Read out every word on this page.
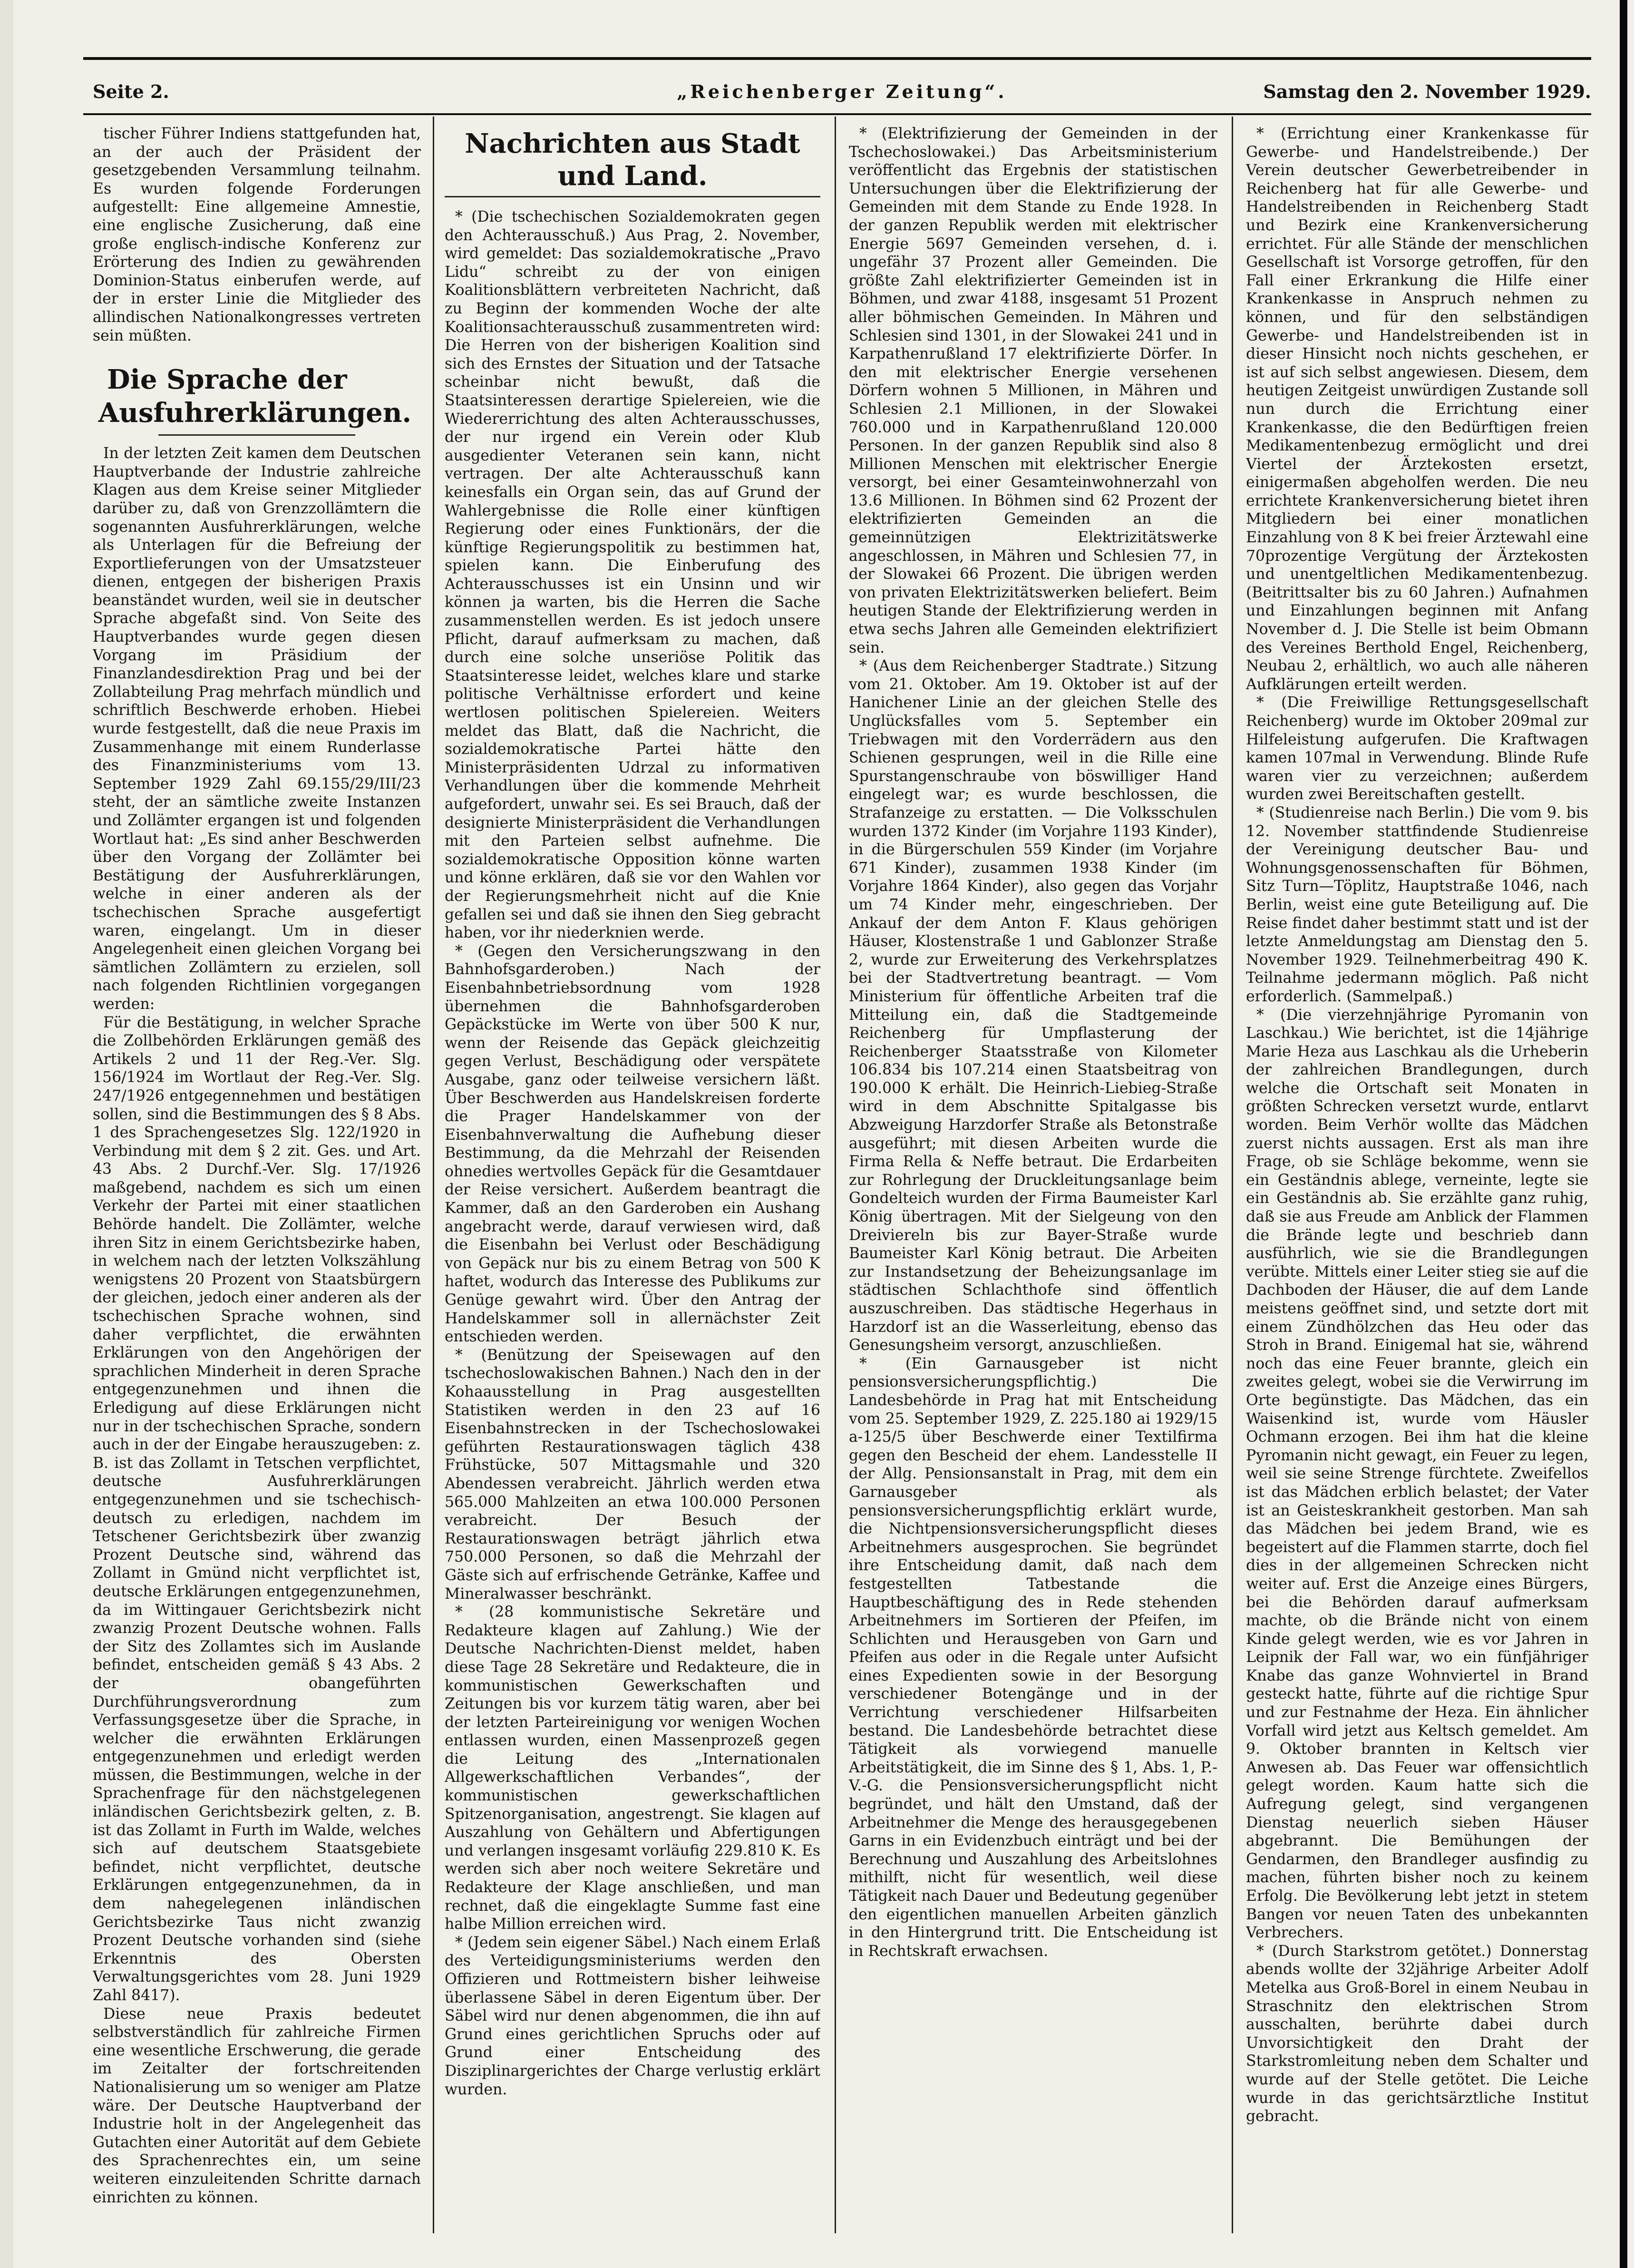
Seite 2.	„Reichenberger Zeitung“.	Samstag den 2. November 1929.

tischer Führer Indiens stattgefunden hat, an der auch der Präsident der gesetzgebenden Versammlung teilnahm. Es wurden folgende Forderungen aufgestellt: Eine allgemeine Amnestie, eine englische Zusicherung, daß eine große englisch-indische Konferenz zur Erörterung des Indien zu gewährenden Dominion-Status einberufen werde, auf der in erster Linie die Mitglieder des allindischen Nationalkongresses vertreten sein müßten.

Die Sprache der
Ausfuhrerklärungen.

In der letzten Zeit kamen dem Deutschen Hauptverbande der Industrie zahlreiche Klagen aus dem Kreise seiner Mitglieder darüber zu, daß von Grenzzollämtern die sogenannten Ausfuhrerklärungen, welche als Unterlagen für die Befreiung der Exportlieferungen von der Umsatzsteuer dienen, entgegen der bisherigen Praxis beanständet wurden, weil sie in deutscher Sprache abgefaßt sind. Von Seite des Hauptverbandes wurde gegen diesen Vorgang im Präsidium der Finanzlandesdirektion Prag und bei der Zollabteilung Prag mehrfach mündlich und schriftlich Beschwerde erhoben. Hiebei wurde festgestellt, daß die neue Praxis im Zusammenhange mit einem Runderlasse des Finanzministeriums vom 13. September 1929 Zahl 69.155/29/III/23 steht, der an sämtliche zweite Instanzen und Zollämter ergangen ist und folgenden Wortlaut hat: „Es sind anher Beschwerden über den Vorgang der Zollämter bei Bestätigung der Ausfuhrerklärungen, welche in einer anderen als der tschechischen Sprache ausgefertigt waren, eingelangt. Um in dieser Angelegenheit einen gleichen Vorgang bei sämtlichen Zollämtern zu erzielen, soll nach folgenden Richtlinien vorgegangen werden:

Für die Bestätigung, in welcher Sprache die Zollbehörden Erklärungen gemäß des Artikels 2 und 11 der Reg.-Ver. Slg. 156/1924 im Wortlaut der Reg.-Ver. Slg. 247/1926 entgegennehmen und bestätigen sollen, sind die Bestimmungen des § 8 Abs. 1 des Sprachengesetzes Slg. 122/1920 in Verbindung mit dem § 2 zit. Ges. und Art. 43 Abs. 2 Durchf.-Ver. Slg. 17/1926 maßgebend, nachdem es sich um einen Verkehr der Partei mit einer staatlichen Behörde handelt. Die Zollämter, welche ihren Sitz in einem Gerichtsbezirke haben, in welchem nach der letzten Volkszählung wenigstens 20 Prozent von Staatsbürgern der gleichen, jedoch einer anderen als der tschechischen Sprache wohnen, sind daher verpflichtet, die erwähnten Erklärungen von den Angehörigen der sprachlichen Minderheit in deren Sprache entgegenzunehmen und ihnen die Erledigung auf diese Erklärungen nicht nur in der tschechischen Sprache, sondern auch in der der Eingabe herauszugeben: z. B. ist das Zollamt in Tetschen verpflichtet, deutsche Ausfuhrerklärungen entgegenzunehmen und sie tschechisch-deutsch zu erledigen, nachdem im Tetschener Gerichtsbezirk über zwanzig Prozent Deutsche sind, während das Zollamt in Gmünd nicht verpflichtet ist, deutsche Erklärungen entgegenzunehmen, da im Wittingauer Gerichtsbezirk nicht zwanzig Prozent Deutsche wohnen. Falls der Sitz des Zollamtes sich im Auslande befindet, entscheiden gemäß § 43 Abs. 2 der obangeführten Durchführungsverordnung zum Verfassungsgesetze über die Sprache, in welcher die erwähnten Erklärungen entgegenzunehmen und erledigt werden müssen, die Bestimmungen, welche in der Sprachenfrage für den nächstgelegenen inländischen Gerichtsbezirk gelten, z. B. ist das Zollamt in Furth im Walde, welches sich auf deutschem Staatsgebiete befindet, nicht verpflichtet, deutsche Erklärungen entgegenzunehmen, da in dem nahegelegenen inländischen Gerichtsbezirke Taus nicht zwanzig Prozent Deutsche vorhanden sind (siehe Erkenntnis des Obersten Verwaltungsgerichtes vom 28. Juni 1929 Zahl 8417).

Diese neue Praxis bedeutet selbstverständlich für zahlreiche Firmen eine wesentliche Erschwerung, die gerade im Zeitalter der fortschreitenden Nationalisierung um so weniger am Platze wäre. Der Deutsche Hauptverband der Industrie holt in der Angelegenheit das Gutachten einer Autorität auf dem Gebiete des Sprachenrechtes ein, um seine weiteren einzuleitenden Schritte darnach einrichten zu können.

Nachrichten aus Stadt und Land.

* (Die tschechischen Sozialdemokraten gegen den Achterausschuß.) Aus Prag, 2. November, wird gemeldet: Das sozialdemokratische „Pravo Lidu“ schreibt zu der von einigen Koalitionsblättern verbreiteten Nachricht, daß zu Beginn der kommenden Woche der alte Koalitionsachterausschuß zusammentreten wird: Die Herren von der bisherigen Koalition sind sich des Ernstes der Situation und der Tatsache scheinbar nicht bewußt, daß die Staatsinteressen derartige Spielereien, wie die Wiedererrichtung des alten Achterausschusses, der nur irgend ein Verein oder Klub ausgedienter Veteranen sein kann, nicht vertragen. Der alte Achterausschuß kann keinesfalls ein Organ sein, das auf Grund der Wahlergebnisse die Rolle einer künftigen Regierung oder eines Funktionärs, der die künftige Regierungspolitik zu bestimmen hat, spielen kann. Die Einberufung des Achterausschusses ist ein Unsinn und wir können ja warten, bis die Herren die Sache zusammenstellen werden. Es ist jedoch unsere Pflicht, darauf aufmerksam zu machen, daß durch eine solche unseriöse Politik das Staatsinteresse leidet, welches klare und starke politische Verhältnisse erfordert und keine wertlosen politischen Spielereien. Weiters meldet das Blatt, daß die Nachricht, die sozialdemokratische Partei hätte den Ministerpräsidenten Udrzal zu informativen Verhandlungen über die kommende Mehrheit aufgefordert, unwahr sei. Es sei Brauch, daß der designierte Ministerpräsident die Verhandlungen mit den Parteien selbst aufnehme. Die sozialdemokratische Opposition könne warten und könne erklären, daß sie vor den Wahlen vor der Regierungsmehrheit nicht auf die Knie gefallen sei und daß sie ihnen den Sieg gebracht haben, vor ihr niederknien werde.

* (Gegen den Versicherungszwang in den Bahnhofsgarderoben.) Nach der Eisenbahnbetriebsordnung vom 1928 übernehmen die Bahnhofsgarderoben Gepäckstücke im Werte von über 500 K nur, wenn der Reisende das Gepäck gleichzeitig gegen Verlust, Beschädigung oder verspätete Ausgabe, ganz oder teilweise versichern läßt. Über Beschwerden aus Handelskreisen forderte die Prager Handelskammer von der Eisenbahnverwaltung die Aufhebung dieser Bestimmung, da die Mehrzahl der Reisenden ohnedies wertvolles Gepäck für die Gesamtdauer der Reise versichert. Außerdem beantragt die Kammer, daß an den Garderoben ein Aushang angebracht werde, darauf verwiesen wird, daß die Eisenbahn bei Verlust oder Beschädigung von Gepäck nur bis zu einem Betrag von 500 K haftet, wodurch das Interesse des Publikums zur Genüge gewahrt wird. Über den Antrag der Handelskammer soll in allernächster Zeit entschieden werden.

* (Benützung der Speisewagen auf den tschechoslowakischen Bahnen.) Nach den in der Kohaausstellung in Prag ausgestellten Statistiken werden in den 23 auf 16 Eisenbahnstrecken in der Tschechoslowakei geführten Restaurationswagen täglich 438 Frühstücke, 507 Mittagsmahle und 320 Abendessen verabreicht. Jährlich werden etwa 565.000 Mahlzeiten an etwa 100.000 Personen verabreicht. Der Besuch der Restaurationswagen beträgt jährlich etwa 750.000 Personen, so daß die Mehrzahl der Gäste sich auf erfrischende Getränke, Kaffee und Mineralwasser beschränkt.

* (28 kommunistische Sekretäre und Redakteure klagen auf Zahlung.) Wie der Deutsche Nachrichten-Dienst meldet, haben diese Tage 28 Sekretäre und Redakteure, die in kommunistischen Gewerkschaften und Zeitungen bis vor kurzem tätig waren, aber bei der letzten Parteireinigung vor wenigen Wochen entlassen wurden, einen Massenprozeß gegen die Leitung des „Internationalen Allgewerkschaftlichen Verbandes“, der kommunistischen gewerkschaftlichen Spitzenorganisation, angestrengt. Sie klagen auf Auszahlung von Gehältern und Abfertigungen und verlangen insgesamt vorläufig 229.810 K. Es werden sich aber noch weitere Sekretäre und Redakteure der Klage anschließen, und man rechnet, daß die eingeklagte Summe fast eine halbe Million erreichen wird.

* (Jedem sein eigener Säbel.) Nach einem Erlaß des Verteidigungsministeriums werden den Offizieren und Rottmeistern bisher leihweise überlassene Säbel in deren Eigentum über. Der Säbel wird nur denen abgenommen, die ihn auf Grund eines gerichtlichen Spruchs oder auf Grund einer Entscheidung des Disziplinargerichtes der Charge verlustig erklärt wurden.

* (Elektrifizierung der Gemeinden in der Tschechoslowakei.) Das Arbeitsministerium veröffentlicht das Ergebnis der statistischen Untersuchungen über die Elektrifizierung der Gemeinden mit dem Stande zu Ende 1928. In der ganzen Republik werden mit elektrischer Energie 5697 Gemeinden versehen, d. i. ungefähr 37 Prozent aller Gemeinden. Die größte Zahl elektrifizierter Gemeinden ist in Böhmen, und zwar 4188, insgesamt 51 Prozent aller böhmischen Gemeinden. In Mähren und Schlesien sind 1301, in der Slowakei 241 und in Karpathenrußland 17 elektrifizierte Dörfer. In den mit elektrischer Energie versehenen Dörfern wohnen 5 Millionen, in Mähren und Schlesien 2.1 Millionen, in der Slowakei 760.000 und in Karpathenrußland 120.000 Personen. In der ganzen Republik sind also 8 Millionen Menschen mit elektrischer Energie versorgt, bei einer Gesamteinwohnerzahl von 13.6 Millionen. In Böhmen sind 62 Prozent der elektrifizierten Gemeinden an die gemeinnützigen Elektrizitätswerke angeschlossen, in Mähren und Schlesien 77, in der Slowakei 66 Prozent. Die übrigen werden von privaten Elektrizitätswerken beliefert. Beim heutigen Stande der Elektrifizierung werden in etwa sechs Jahren alle Gemeinden elektrifiziert sein.

* (Aus dem Reichenberger Stadtrate.) Sitzung vom 21. Oktober. Am 19. Oktober ist auf der Hanichener Linie an der gleichen Stelle des Unglücksfalles vom 5. September ein Triebwagen mit den Vorderrädern aus den Schienen gesprungen, weil in die Rille eine Spurstangenschraube von böswilliger Hand eingelegt war; es wurde beschlossen, die Strafanzeige zu erstatten. — Die Volksschulen wurden 1372 Kinder (im Vorjahre 1193 Kinder), in die Bürgerschulen 559 Kinder (im Vorjahre 671 Kinder), zusammen 1938 Kinder (im Vorjahre 1864 Kinder), also gegen das Vorjahr um 74 Kinder mehr, eingeschrieben. Der Ankauf der dem Anton F. Klaus gehörigen Häuser, Klostenstraße 1 und Gablonzer Straße 2, wurde zur Erweiterung des Verkehrsplatzes bei der Stadtvertretung beantragt. — Vom Ministerium für öffentliche Arbeiten traf die Mitteilung ein, daß die Stadtgemeinde Reichenberg für Umpflasterung der Reichenberger Staatsstraße von Kilometer 106.834 bis 107.214 einen Staatsbeitrag von 190.000 K erhält. Die Heinrich-Liebieg-Straße wird in dem Abschnitte Spitalgasse bis Abzweigung Harzdorfer Straße als Betonstraße ausgeführt; mit diesen Arbeiten wurde die Firma Rella & Neffe betraut. Die Erdarbeiten zur Rohrlegung der Druckleitungsanlage beim Gondelteich wurden der Firma Baumeister Karl König übertragen. Mit der Sielgeung von den Dreiviereln bis zur Bayer-Straße wurde Baumeister Karl König betraut. Die Arbeiten zur Instandsetzung der Beheizungsanlage im städtischen Schlachthofe sind öffentlich auszuschreiben. Das städtische Hegerhaus in Harzdorf ist an die Wasserleitung, ebenso das Genesungsheim versorgt, anzuschließen.

* (Ein Garnausgeber ist nicht pensionsversicherungspflichtig.) Die Landesbehörde in Prag hat mit Entscheidung vom 25. September 1929, Z. 225.180 ai 1929/15 a-125/5 über Beschwerde einer Textilfirma gegen den Bescheid der ehem. Landesstelle II der Allg. Pensionsanstalt in Prag, mit dem ein Garnausgeber als pensionsversicherungspflichtig erklärt wurde, die Nichtpensionsversicherungspflicht dieses Arbeitnehmers ausgesprochen. Sie begründet ihre Entscheidung damit, daß nach dem festgestellten Tatbestande die Hauptbeschäftigung des in Rede stehenden Arbeitnehmers im Sortieren der Pfeifen, im Schlichten und Herausgeben von Garn und Pfeifen aus oder in die Regale unter Aufsicht eines Expedienten sowie in der Besorgung verschiedener Botengänge und in der Verrichtung verschiedener Hilfsarbeiten bestand. Die Landesbehörde betrachtet diese Tätigkeit als vorwiegend manuelle Arbeitstätigkeit, die im Sinne des § 1, Abs. 1, P.-V.-G. die Pensionsversicherungspflicht nicht begründet, und hält den Umstand, daß der Arbeitnehmer die Menge des herausgegebenen Garns in ein Evidenzbuch einträgt und bei der Berechnung und Auszahlung des Arbeitslohnes mithilft, nicht für wesentlich, weil diese Tätigkeit nach Dauer und Bedeutung gegenüber den eigentlichen manuellen Arbeiten gänzlich in den Hintergrund tritt. Die Entscheidung ist in Rechtskraft erwachsen.

* (Errichtung einer Krankenkasse für Gewerbe- und Handelstreibende.) Der Verein deutscher Gewerbetreibender in Reichenberg hat für alle Gewerbe- und Handelstreibenden in Reichenberg Stadt und Bezirk eine Krankenversicherung errichtet. Für alle Stände der menschlichen Gesellschaft ist Vorsorge getroffen, für den Fall einer Erkrankung die Hilfe einer Krankenkasse in Anspruch nehmen zu können, und für den selbständigen Gewerbe- und Handelstreibenden ist in dieser Hinsicht noch nichts geschehen, er ist auf sich selbst angewiesen. Diesem, dem heutigen Zeitgeist unwürdigen Zustande soll nun durch die Errichtung einer Krankenkasse, die den Bedürftigen freien Medikamentenbezug ermöglicht und drei Viertel der Ärztekosten ersetzt, einigermaßen abgeholfen werden. Die neu errichtete Krankenversicherung bietet ihren Mitgliedern bei einer monatlichen Einzahlung von 8 K bei freier Ärztewahl eine 70prozentige Vergütung der Ärztekosten und unentgeltlichen Medikamentenbezug. (Beitrittsalter bis zu 60 Jahren.) Aufnahmen und Einzahlungen beginnen mit Anfang November d. J. Die Stelle ist beim Obmann des Vereines Berthold Engel, Reichenberg, Neubau 2, erhältlich, wo auch alle näheren Aufklärungen erteilt werden.

* (Die Freiwillige Rettungsgesellschaft Reichenberg) wurde im Oktober 209mal zur Hilfeleistung aufgerufen. Die Kraftwagen kamen 107mal in Verwendung. Blinde Rufe waren vier zu verzeichnen; außerdem wurden zwei Bereitschaften gestellt.

* (Studienreise nach Berlin.) Die vom 9. bis 12. November stattfindende Studienreise der Vereinigung deutscher Bau- und Wohnungsgenossenschaften für Böhmen, Sitz Turn—Töplitz, Hauptstraße 1046, nach Berlin, weist eine gute Beteiligung auf. Die Reise findet daher bestimmt statt und ist der letzte Anmeldungstag am Dienstag den 5. November 1929. Teilnehmerbeitrag 490 K. Teilnahme jedermann möglich. Paß nicht erforderlich. (Sammelpaß.)

* (Die vierzehnjährige Pyromanin von Laschkau.) Wie berichtet, ist die 14jährige Marie Heza aus Laschkau als die Urheberin der zahlreichen Brandlegungen, durch welche die Ortschaft seit Monaten in größten Schrecken versetzt wurde, entlarvt worden. Beim Verhör wollte das Mädchen zuerst nichts aussagen. Erst als man ihre Frage, ob sie Schläge bekomme, wenn sie ein Geständnis ablege, verneinte, legte sie ein Geständnis ab. Sie erzählte ganz ruhig, daß sie aus Freude am Anblick der Flammen die Brände legte und beschrieb dann ausführlich, wie sie die Brandlegungen verübte. Mittels einer Leiter stieg sie auf die Dachboden der Häuser, die auf dem Lande meistens geöffnet sind, und setzte dort mit einem Zündhölzchen das Heu oder das Stroh in Brand. Einigemal hat sie, während noch das eine Feuer brannte, gleich ein zweites gelegt, wobei sie die Verwirrung im Orte begünstigte. Das Mädchen, das ein Waisenkind ist, wurde vom Häusler Ochmann erzogen. Bei ihm hat die kleine Pyromanin nicht gewagt, ein Feuer zu legen, weil sie seine Strenge fürchtete. Zweifellos ist das Mädchen erblich belastet; der Vater ist an Geisteskrankheit gestorben. Man sah das Mädchen bei jedem Brand, wie es begeistert auf die Flammen starrte, doch fiel dies in der allgemeinen Schrecken nicht weiter auf. Erst die Anzeige eines Bürgers, bei die Behörden darauf aufmerksam machte, ob die Brände nicht von einem Kinde gelegt werden, wie es vor Jahren in Leipnik der Fall war, wo ein fünfjähriger Knabe das ganze Wohnviertel in Brand gesteckt hatte, führte auf die richtige Spur und zur Festnahme der Heza. Ein ähnlicher Vorfall wird jetzt aus Keltsch gemeldet. Am 9. Oktober brannten in Keltsch vier Anwesen ab. Das Feuer war offensichtlich gelegt worden. Kaum hatte sich die Aufregung gelegt, sind vergangenen Dienstag neuerlich sieben Häuser abgebrannt. Die Bemühungen der Gendarmen, den Brandleger ausfindig zu machen, führten bisher noch zu keinem Erfolg. Die Bevölkerung lebt jetzt in stetem Bangen vor neuen Taten des unbekannten Verbrechers.

* (Durch Starkstrom getötet.) Donnerstag abends wollte der 32jährige Arbeiter Adolf Metelka aus Groß-Borel in einem Neubau in Straschnitz den elektrischen Strom ausschalten, berührte dabei durch Unvorsichtigkeit den Draht der Starkstromleitung neben dem Schalter und wurde auf der Stelle getötet. Die Leiche wurde in das gerichtsärztliche Institut gebracht.
